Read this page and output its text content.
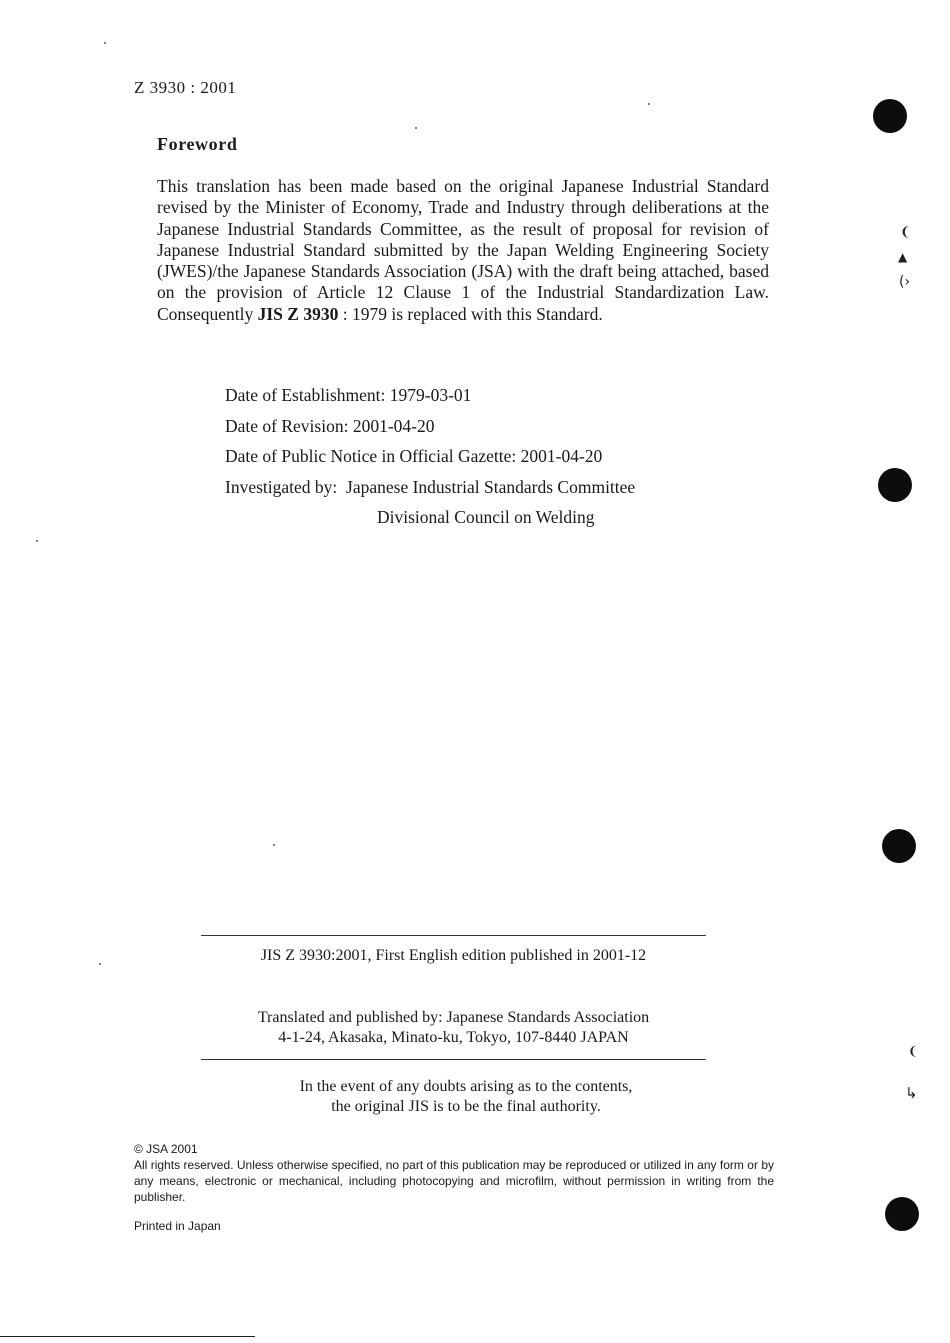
Z 3930 : 2001
Foreword
This translation has been made based on the original Japanese Industrial Standard revised by the Minister of Economy, Trade and Industry through deliberations at the Japanese Industrial Standards Committee, as the result of proposal for revision of Japanese Industrial Standard submitted by the Japan Welding Engineering Society (JWES)/the Japanese Standards Association (JSA) with the draft being attached, based on the provision of Article 12 Clause 1 of the Industrial Standardization Law. Consequently JIS Z 3930 : 1979 is replaced with this Standard.
Date of Establishment: 1979-03-01
Date of Revision: 2001-04-20
Date of Public Notice in Official Gazette: 2001-04-20
Investigated by: Japanese Industrial Standards Committee
Divisional Council on Welding
JIS Z 3930:2001, First English edition published in 2001-12
Translated and published by: Japanese Standards Association
4-1-24, Akasaka, Minato-ku, Tokyo, 107-8440 JAPAN
In the event of any doubts arising as to the contents,
the original JIS is to be the final authority.
© JSA 2001
All rights reserved. Unless otherwise specified, no part of this publication may be reproduced or utilized in any form or by any means, electronic or mechanical, including photocopying and microfilm, without permission in writing from the publisher.
Printed in Japan
❨
▲
(›
❨
↳
